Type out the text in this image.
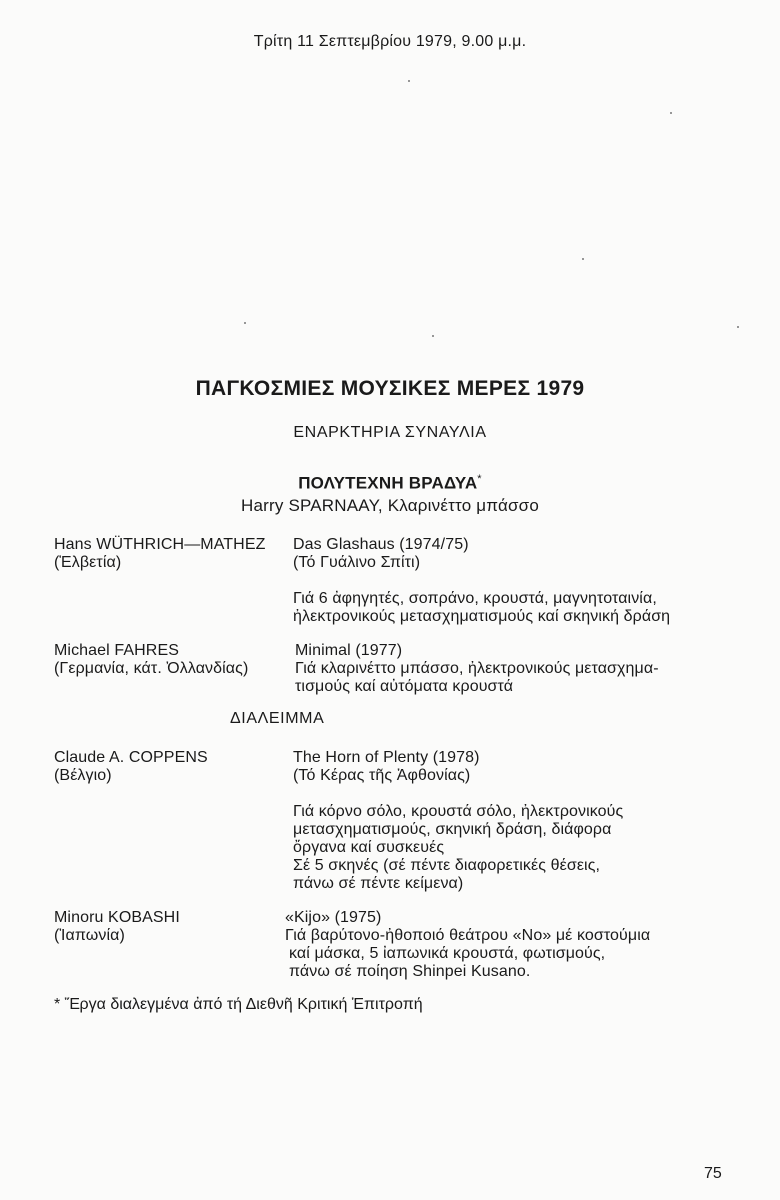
Τρίτη 11 Σεπτεμβρίου 1979, 9.00 μ.μ.
ΠΑΓΚΟΣΜΙΕΣ ΜΟΥΣΙΚΕΣ ΜΕΡΕΣ 1979
ΕΝΑΡΚΤΗΡΙΑ ΣΥΝΑΥΛΙΑ
ΠΟΛΥΤΕΧΝΗ ΒΡΑΔΥΑ*
Harry SPARNAAY, Κλαρινέττο μπάσσο
Hans WÜTHRICH—MATHEZ
(Ἑλβετία)
Das Glashaus (1974/75)
(Τό Γυάλινο Σπίτι)
Γιά 6 ἀφηγητές, σοπράνο, κρουστά, μαγνητοταινία,
ἠλεκτρονικούς μετασχηματισμούς καί σκηνική δράση
Michael FAHRES
(Γερμανία, κάτ. Ὀλλανδίας)
Minimal (1977)
Γιά κλαρινέττο μπάσσο, ἠλεκτρονικούς μετασχημα-
τισμούς καί αὐτόματα κρουστά
ΔΙΑΛΕΙΜΜΑ
Claude A. COPPENS
(Βέλγιο)
The Horn of Plenty (1978)
(Τό Κέρας τῆς Ἀφθονίας)
Γιά κόρνο σόλο, κρουστά σόλο, ἠλεκτρονικούς
μετασχηματισμούς, σκηνική δράση, διάφορα
ὄργανα καί συσκευές
Σέ 5 σκηνές (σέ πέντε διαφορετικές θέσεις,
πάνω σέ πέντε κείμενα)
Minoru KOBASHI
(Ἰαπωνία)
«Kijo» (1975)
Γιά βαρύτονο-ἠθοποιό θεάτρου «Νο» μέ κοστούμια
καί μάσκα, 5 ἰαπωνικά κρουστά, φωτισμούς,
πάνω σέ ποίηση Shinpei Kusano.
* Ἔργα διαλεγμένα ἀπό τή Διεθνῆ Κριτική Ἐπιτροπή
75
